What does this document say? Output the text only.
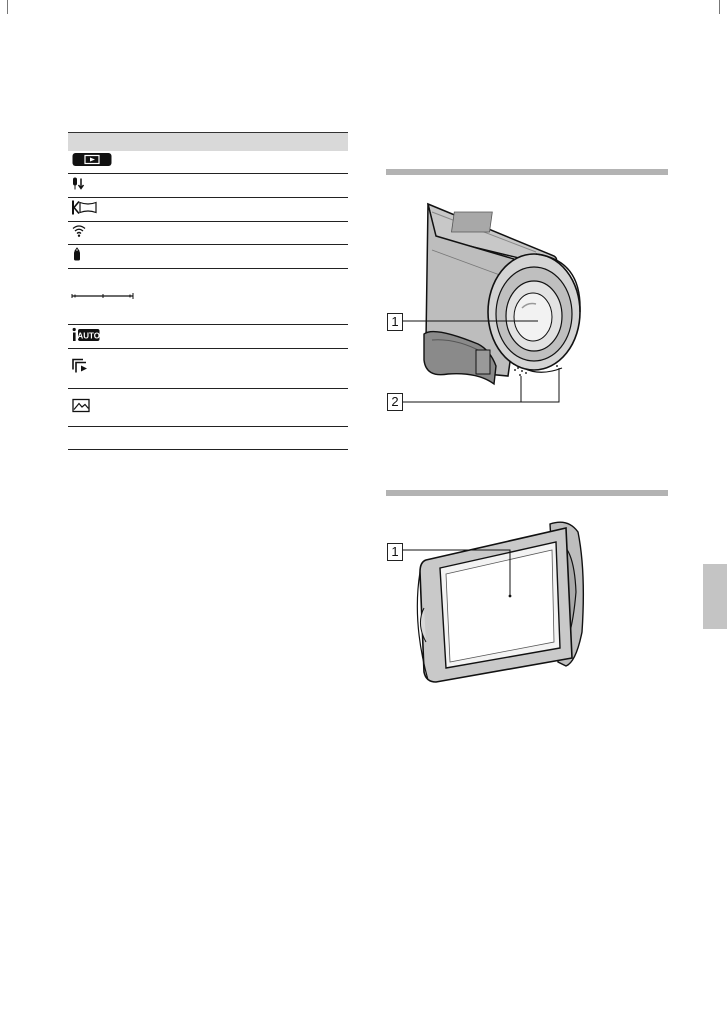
AUTO
1
2
1
